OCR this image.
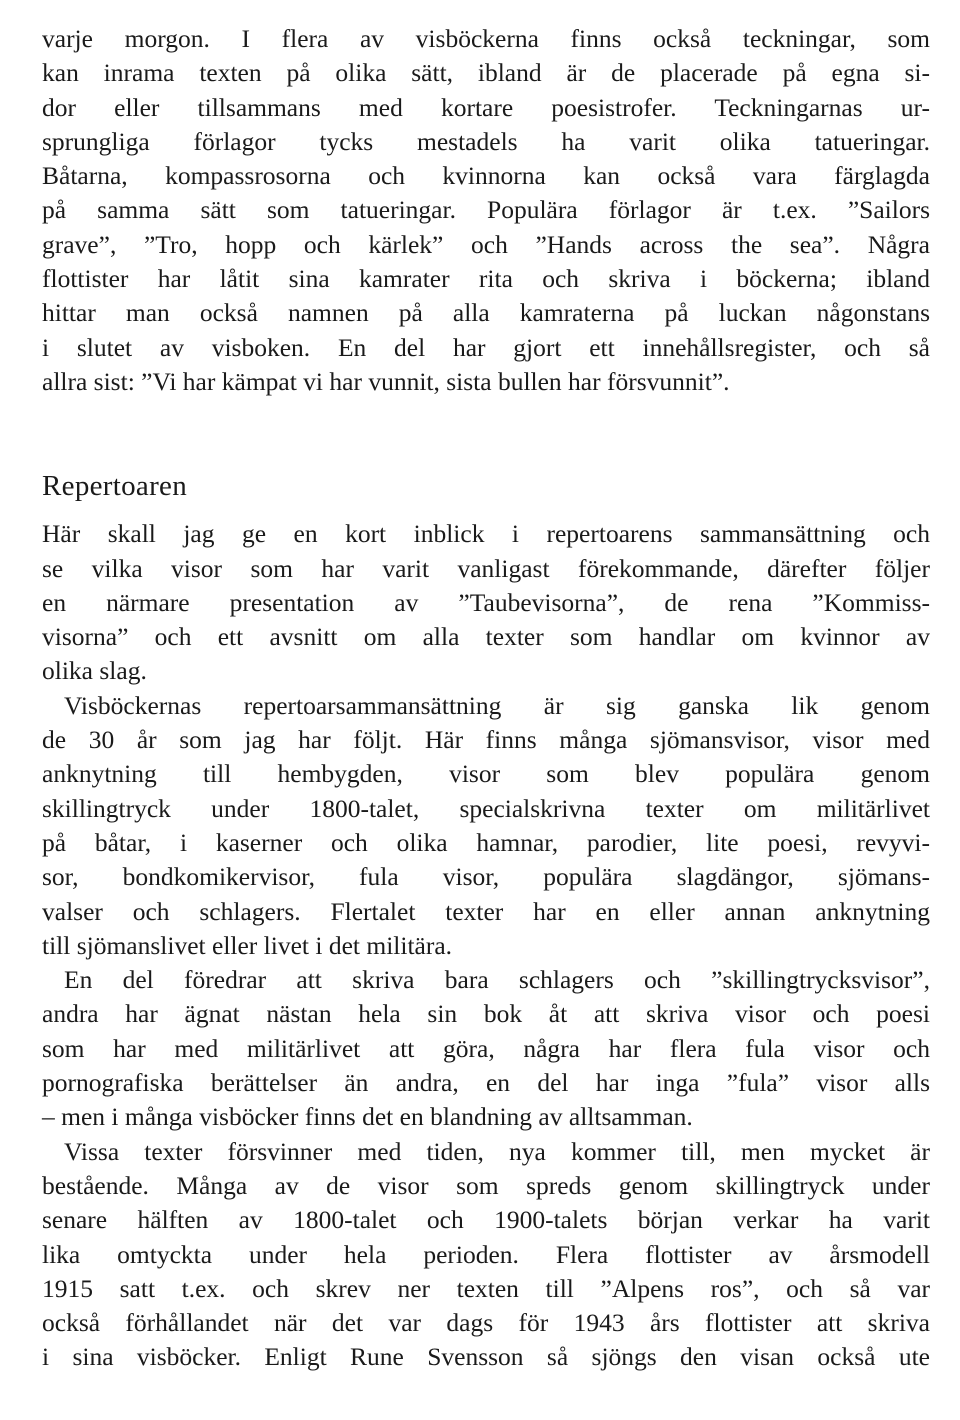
varje morgon. I flera av visböckerna finns också teckningar, som
kan inrama texten på olika sätt, ibland är de placerade på egna si-
dor eller tillsammans med kortare poesistrofer. Teckningarnas ur-
sprungliga förlagor tycks mestadels ha varit olika tatueringar.
Båtarna, kompassrosorna och kvinnorna kan också vara färglagda
på samma sätt som tatueringar. Populära förlagor är t.ex. ”Sailors
grave”, ”Tro, hopp och kärlek” och ”Hands across the sea”. Några
flottister har låtit sina kamrater rita och skriva i böckerna; ibland
hittar man också namnen på alla kamraterna på luckan någonstans
i slutet av visboken. En del har gjort ett innehållsregister, och så
allra sist: ”Vi har kämpat vi har vunnit, sista bullen har försvunnit”.
Repertoaren
Här skall jag ge en kort inblick i repertoarens sammansättning och
se vilka visor som har varit vanligast förekommande, därefter följer
en närmare presentation av ”Taubevisorna”, de rena ”Kommiss-
visorna” och ett avsnitt om alla texter som handlar om kvinnor av
olika slag.
Visböckernas repertoarsammansättning är sig ganska lik genom
de 30 år som jag har följt. Här finns många sjömansvisor, visor med
anknytning till hembygden, visor som blev populära genom
skillingtryck under 1800-talet, specialskrivna texter om militärlivet
på båtar, i kaserner och olika hamnar, parodier, lite poesi, revyvi-
sor, bondkomikervisor, fula visor, populära slagdängor, sjömans-
valser och schlagers. Flertalet texter har en eller annan anknytning
till sjömanslivet eller livet i det militära.
En del föredrar att skriva bara schlagers och ”skillingtrycksvisor”,
andra har ägnat nästan hela sin bok åt att skriva visor och poesi
som har med militärlivet att göra, några har flera fula visor och
pornografiska berättelser än andra, en del har inga ”fula” visor alls
– men i många visböcker finns det en blandning av alltsamman.
Vissa texter försvinner med tiden, nya kommer till, men mycket är
bestående. Många av de visor som spreds genom skillingtryck under
senare hälften av 1800-talet och 1900-talets början verkar ha varit
lika omtyckta under hela perioden. Flera flottister av årsmodell
1915 satt t.ex. och skrev ner texten till ”Alpens ros”, och så var
också förhållandet när det var dags för 1943 års flottister att skriva
i sina visböcker. Enligt Rune Svensson så sjöngs den visan också ute
